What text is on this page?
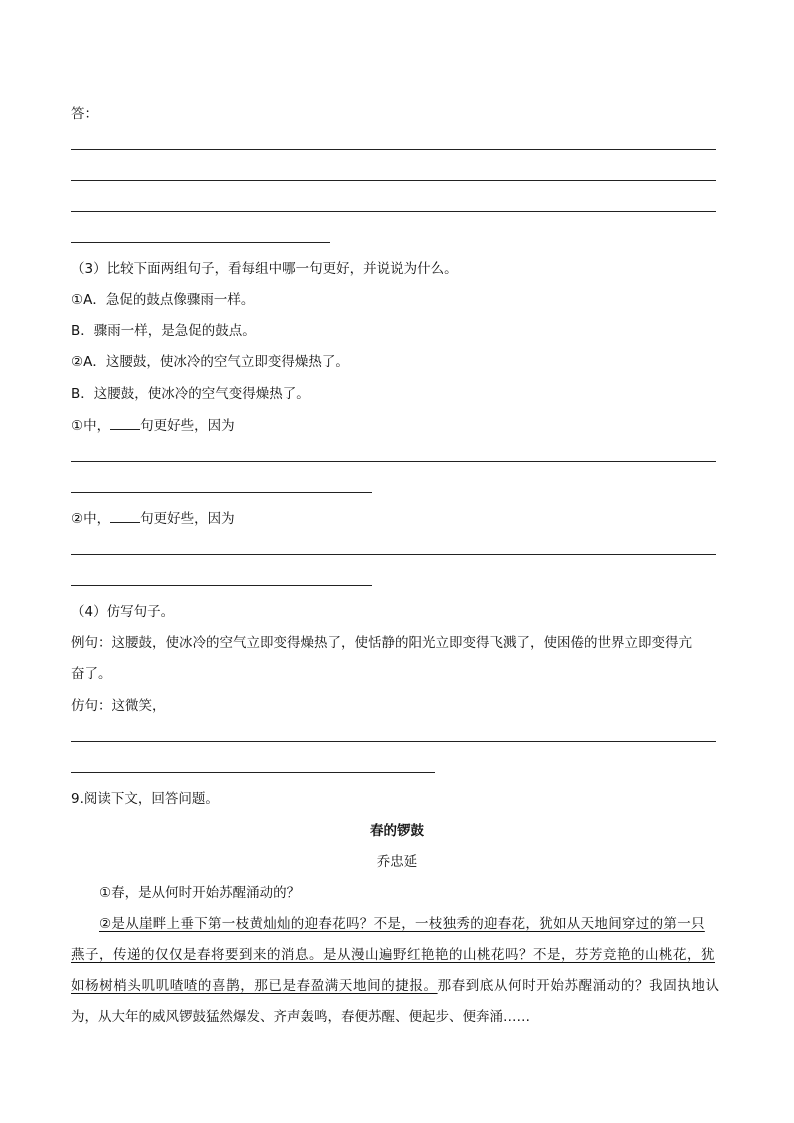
答：
（3）比较下面两组句子，看每组中哪一句更好，并说说为什么。
①A．急促的鼓点像骤雨一样。
B．骤雨一样，是急促的鼓点。
②A．这腰鼓，使冰冷的空气立即变得燥热了。
B．这腰鼓，使冰冷的空气变得燥热了。
①中， 句更好些，因为
②中， 句更好些，因为
（4）仿写句子。
例句：这腰鼓，使冰冷的空气立即变得燥热了，使恬静的阳光立即变得飞溅了，使困倦的世界立即变得亢
奋了。
仿句：这微笑，
9.阅读下文，回答问题。
春的锣鼓
乔忠延
①春，是从何时开始苏醒涌动的？
②是从崖畔上垂下第一枝黄灿灿的迎春花吗？不是，一枝独秀的迎春花，犹如从天地间穿过的第一只
燕子，传递的仅仅是春将要到来的消息。是从漫山遍野红艳艳的山桃花吗？不是，芬芳竞艳的山桃花，犹
如杨树梢头叽叽喳喳的喜鹊，那已是春盈满天地间的捷报。那春到底从何时开始苏醒涌动的？我固执地认
为，从大年的威风锣鼓猛然爆发、齐声轰鸣，春便苏醒、便起步、便奔涌……
